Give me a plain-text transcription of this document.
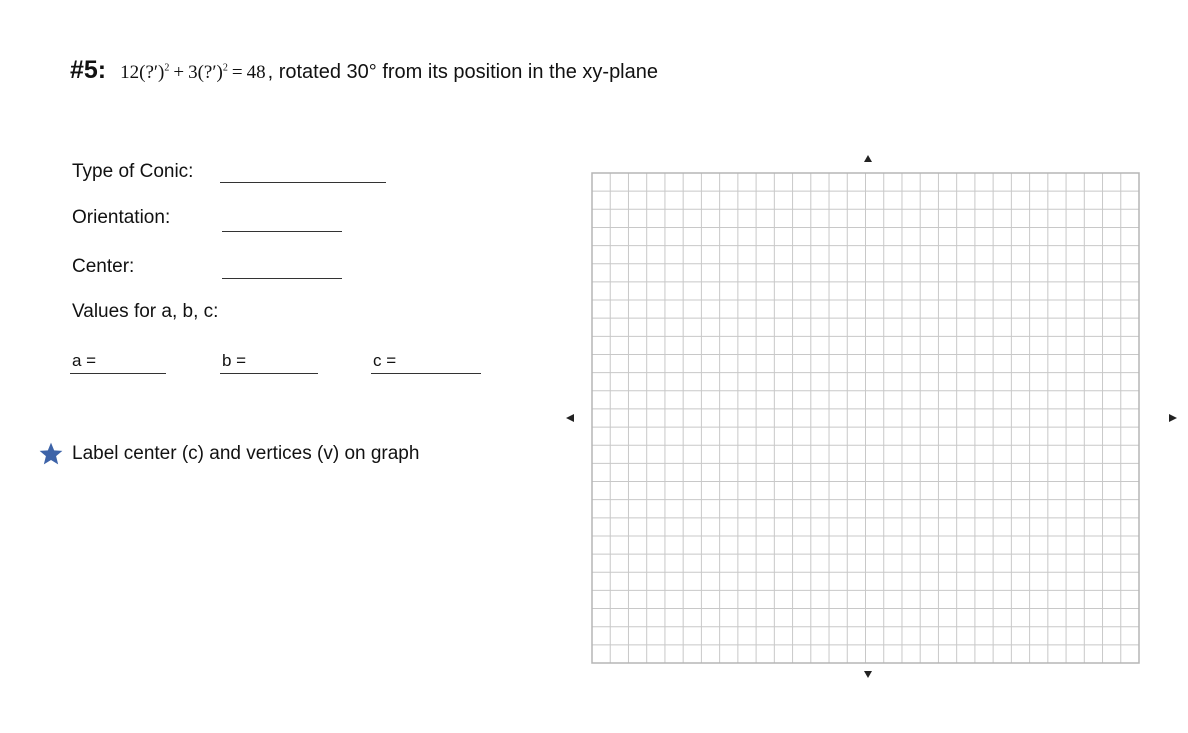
#5: 12(?′)$^2$ + 3(?′)$^2$ = 48 , rotated 30° from its position in the xy-plane
Type of Conic:
Orientation:
Center:
Values for a, b, c:
a =	b =	c =
Label center (c) and vertices (v) on graph
